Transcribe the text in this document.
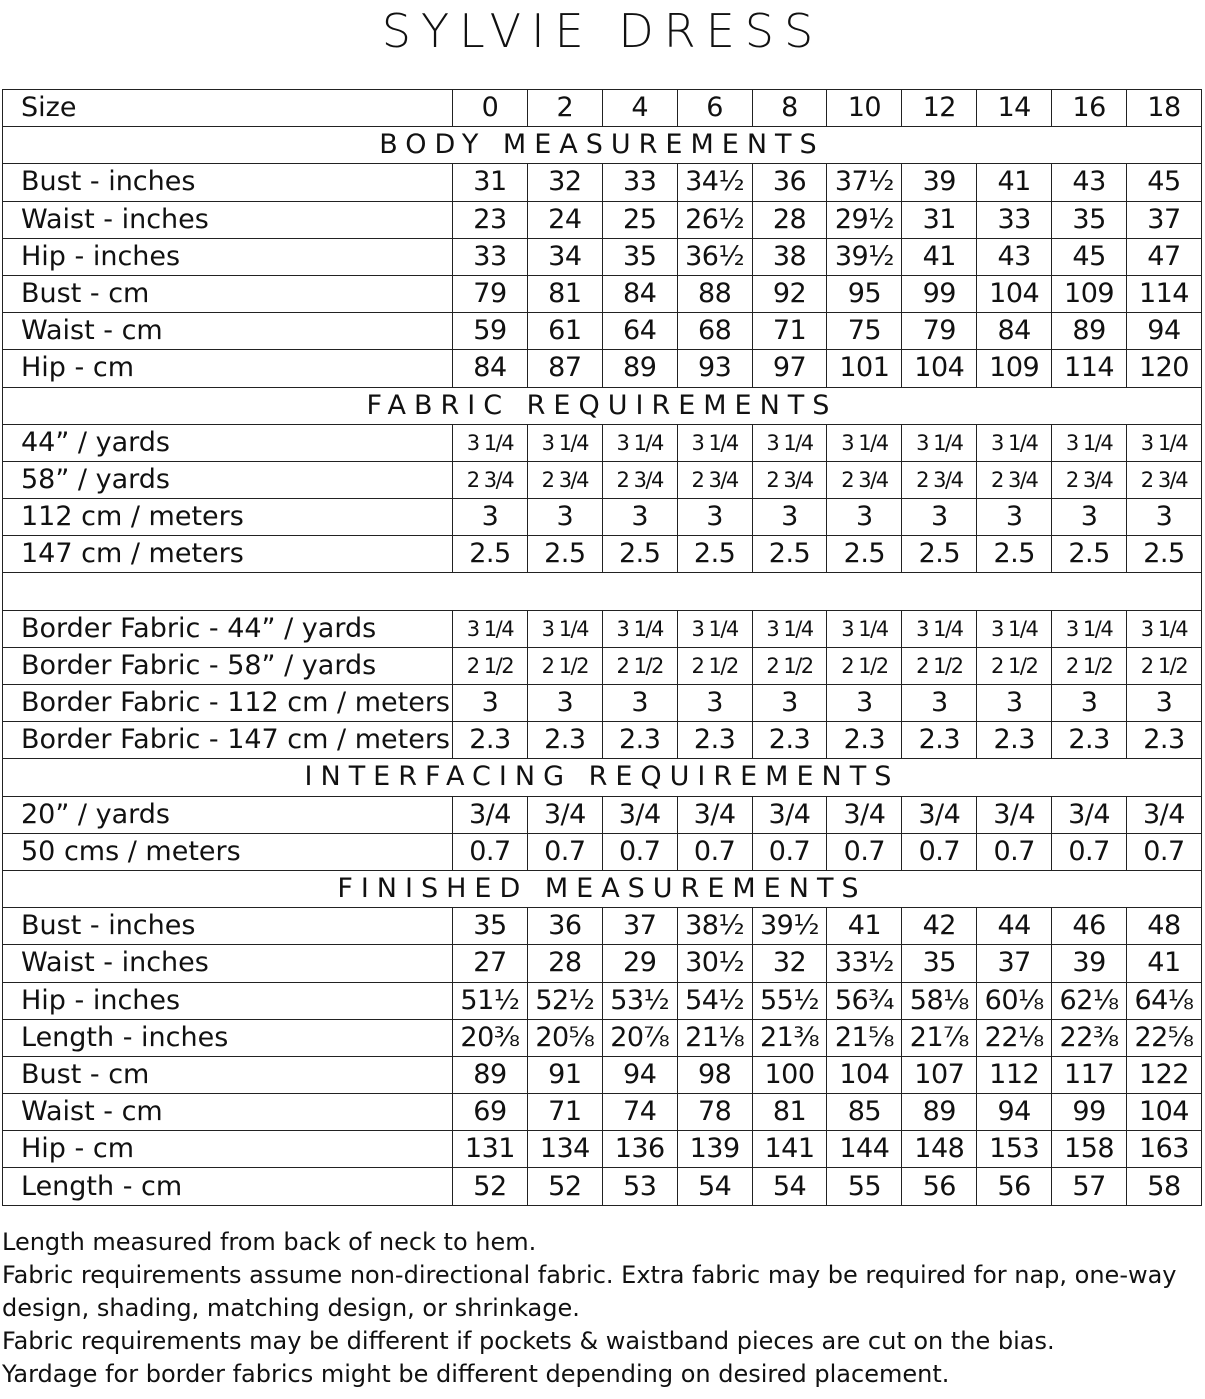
SYLVIE DRESS
Size	0	2	4	6	8	10	12	14	16	18
BODY MEASUREMENTS										
Bust - inches	31	32	33	34½	36	37½	39	41	43	45
Waist - inches	23	24	25	26½	28	29½	31	33	35	37
Hip - inches	33	34	35	36½	38	39½	41	43	45	47
Bust - cm	79	81	84	88	92	95	99	104	109	114
Waist - cm	59	61	64	68	71	75	79	84	89	94
Hip - cm	84	87	89	93	97	101	104	109	114	120
FABRIC REQUIREMENTS										
44” / yards	3 1/4	3 1/4	3 1/4	3 1/4	3 1/4	3 1/4	3 1/4	3 1/4	3 1/4	3 1/4
58” / yards	2 3/4	2 3/4	2 3/4	2 3/4	2 3/4	2 3/4	2 3/4	2 3/4	2 3/4	2 3/4
112 cm / meters	3	3	3	3	3	3	3	3	3	3
147 cm / meters	2.5	2.5	2.5	2.5	2.5	2.5	2.5	2.5	2.5	2.5

Border Fabric - 44” / yards	3 1/4	3 1/4	3 1/4	3 1/4	3 1/4	3 1/4	3 1/4	3 1/4	3 1/4	3 1/4
Border Fabric - 58” / yards	2 1/2	2 1/2	2 1/2	2 1/2	2 1/2	2 1/2	2 1/2	2 1/2	2 1/2	2 1/2
Border Fabric - 112 cm / meters	3	3	3	3	3	3	3	3	3	3
Border Fabric - 147 cm / meters	2.3	2.3	2.3	2.3	2.3	2.3	2.3	2.3	2.3	2.3
INTERFACING REQUIREMENTS										
20” / yards	3/4	3/4	3/4	3/4	3/4	3/4	3/4	3/4	3/4	3/4
50 cms / meters	0.7	0.7	0.7	0.7	0.7	0.7	0.7	0.7	0.7	0.7
FINISHED MEASUREMENTS										
Bust - inches	35	36	37	38½	39½	41	42	44	46	48
Waist - inches	27	28	29	30½	32	33½	35	37	39	41
Hip - inches	51½	52½	53½	54½	55½	56¾	58⅛	60⅛	62⅛	64⅛
Length - inches	20⅜	20⅝	20⅞	21⅛	21⅜	21⅝	21⅞	22⅛	22⅜	22⅝
Bust - cm	89	91	94	98	100	104	107	112	117	122
Waist - cm	69	71	74	78	81	85	89	94	99	104
Hip - cm	131	134	136	139	141	144	148	153	158	163
Length - cm	52	52	53	54	54	55	56	56	57	58
Length measured from back of neck to hem.
Fabric requirements assume non-directional fabric. Extra fabric may be required for nap, one-way design, shading, matching design, or shrinkage.
Fabric requirements may be different if pockets & waistband pieces are cut on the bias.
Yardage for border fabrics might be different depending on desired placement.
